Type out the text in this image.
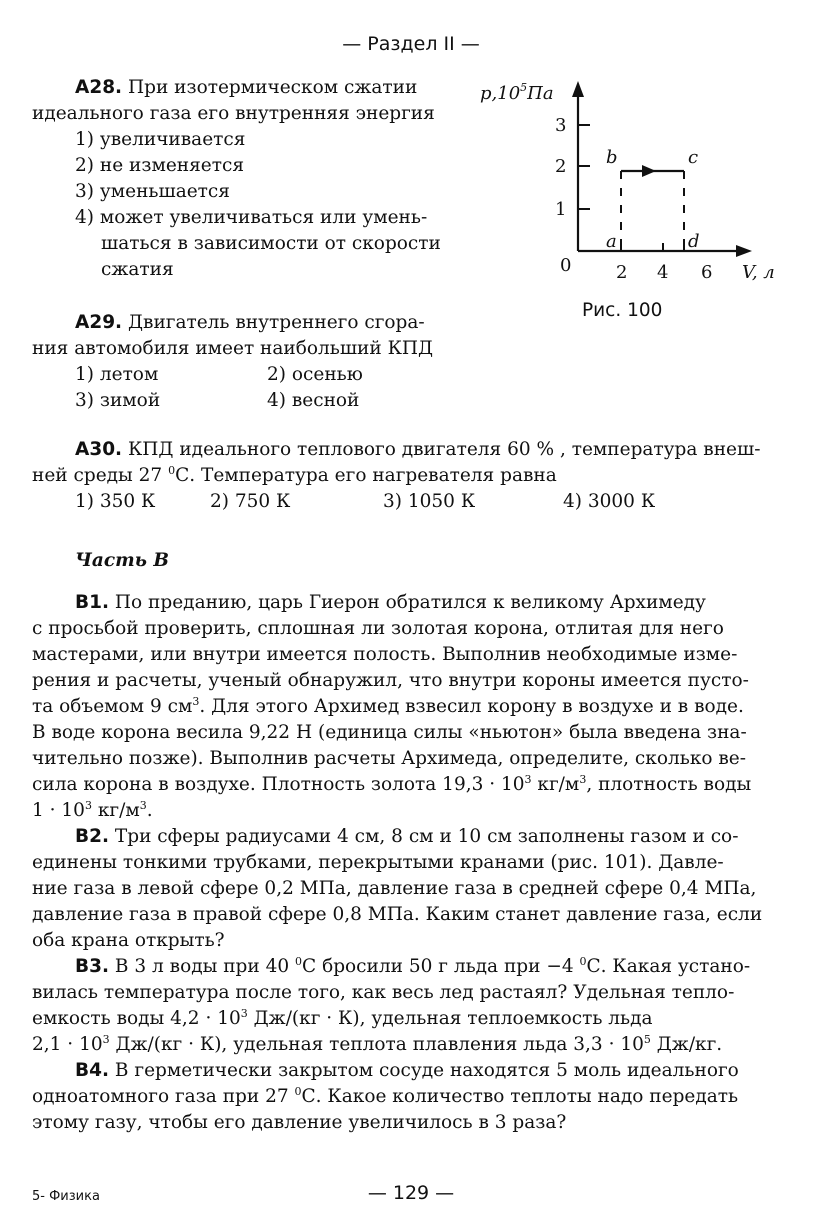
— Раздел II —
А28. При изотермическом сжатии
идеального газа его внутренняя энергия
1) увеличивается
2) не изменяется
3) уменьшается
4) может увеличиваться или умень-
шаться в зависимости от скорости
сжатия
$p,10^5Па$
1
2
3
0 2 4 6 V, л
b	c
a	d
Рис. 100
А29. Двигатель внутреннего сгора-
ния автомобиля имеет наибольший КПД
1) летом	2) осенью
3) зимой	4) весной
А30. КПД идеального теплового двигателя 60 % , температура внеш-
ней среды 27 $^0$С. Температура его нагревателя равна
1) 350 К	2) 750 К	3) 1050 К	4) 3000 К
Часть В
В1. По преданию, царь Гиерон обратился к великому Архимеду
с просьбой проверить, сплошная ли золотая корона, отлитая для него
мастерами, или внутри имеется полость. Выполнив необходимые изме-
рения и расчеты, ученый обнаружил, что внутри короны имеется пусто-
та объемом 9 $см^3$. Для этого Архимед взвесил корону в воздухе и в воде.
В воде корона весила 9,22 Н (единица силы «ньютон» была введена зна-
чительно позже). Выполнив расчеты Архимеда, определите, сколько ве-
сила корона в воздухе. Плотность золота $19,3 \cdot 10^3$ $кг/м^3$, плотность воды
$1 \cdot 10^3$ $кг/м^3$.
В2. Три сферы радиусами 4 см, 8 см и 10 см заполнены газом и со-
единены тонкими трубками, перекрытыми кранами (рис. 101). Давле-
ние газа в левой сфере 0,2 МПа, давление газа в средней сфере 0,4 МПа,
давление газа в правой сфере 0,8 МПа. Каким станет давление газа, если
оба крана открыть?
В3. В 3 л воды при 40 $^0$С бросили 50 г льда при −4 $^0$С. Какая устано-
вилась температура после того, как весь лед растаял? Удельная тепло-
емкость воды $4,2 \cdot 10^3$ Дж/(кг · К), удельная теплоемкость льда
$2,1 \cdot 10^3$ Дж/(кг · К), удельная теплота плавления льда $3,3 \cdot 10^5$ Дж/кг.
В4. В герметически закрытом сосуде находятся 5 моль идеального
одноатомного газа при 27 $^0$С. Какое количество теплоты надо передать
этому газу, чтобы его давление увеличилось в 3 раза?
5- Физика	— 129 —
